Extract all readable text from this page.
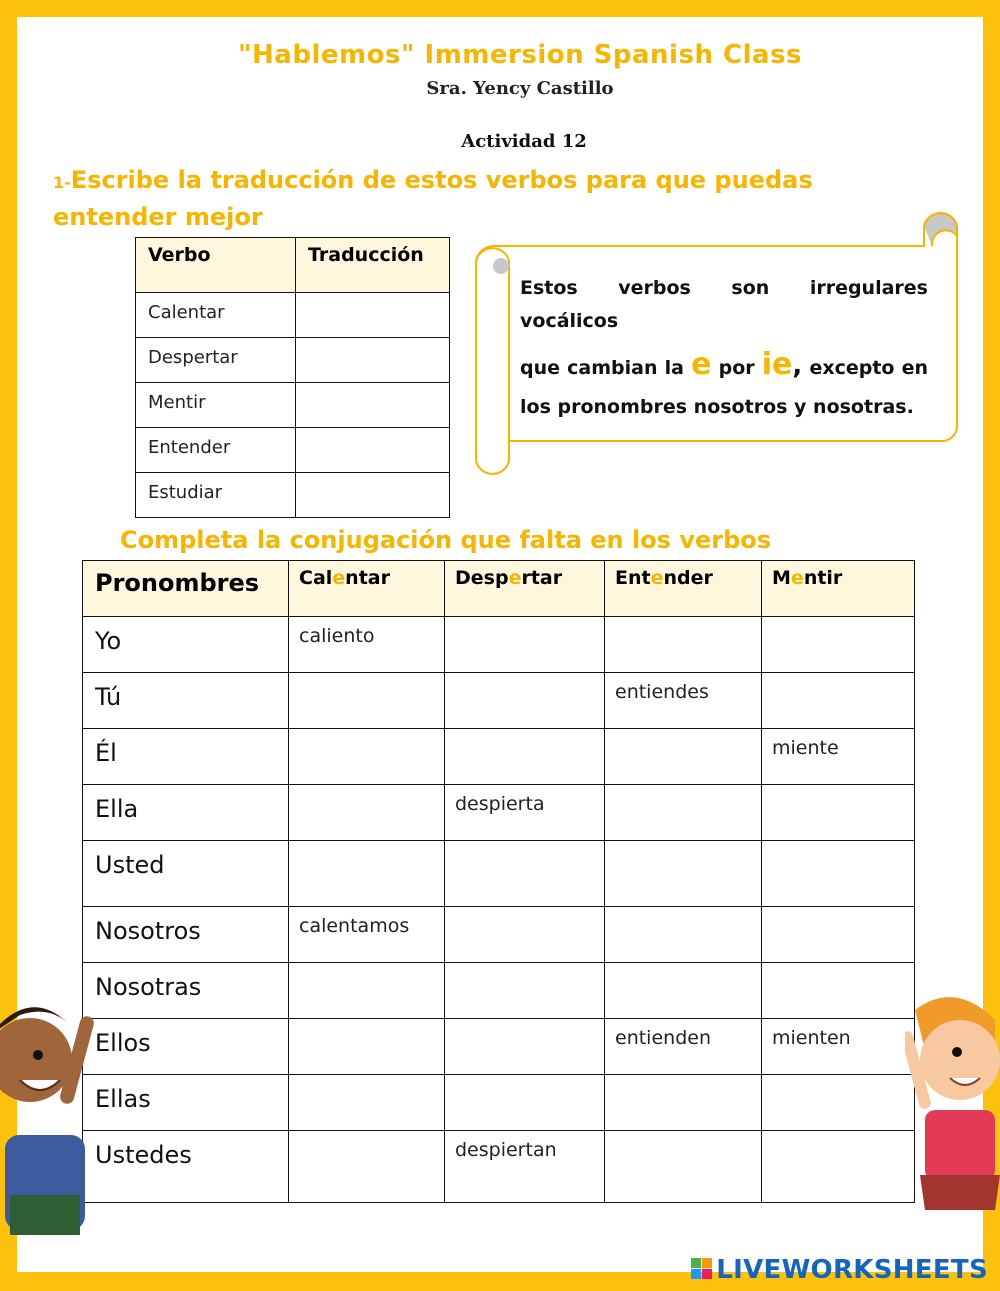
"Hablemos" Immersion Spanish Class
Sra. Yency Castillo
Actividad 12
1-Escribe la traducción de estos verbos para que puedas entender mejor
Verbo	Traducción
Calentar	
Despertar	
Mentir	
Entender	
Estudiar	
Estos verbos son irregulares vocálicos
que cambian la e por ie, excepto en los pronombres nosotros y nosotras.
Completa la conjugación que falta en los verbos
Pronombres	Calentar	Despertar	Entender	Mentir
Yo	caliento			
Tú			entiendes	
Él				miente
Ella		despierta		
Usted				
Nosotros	calentamos			
Nosotras				
Ellos			entienden	mienten
Ellas				
Ustedes		despiertan		
LIVEWORKSHEETS
